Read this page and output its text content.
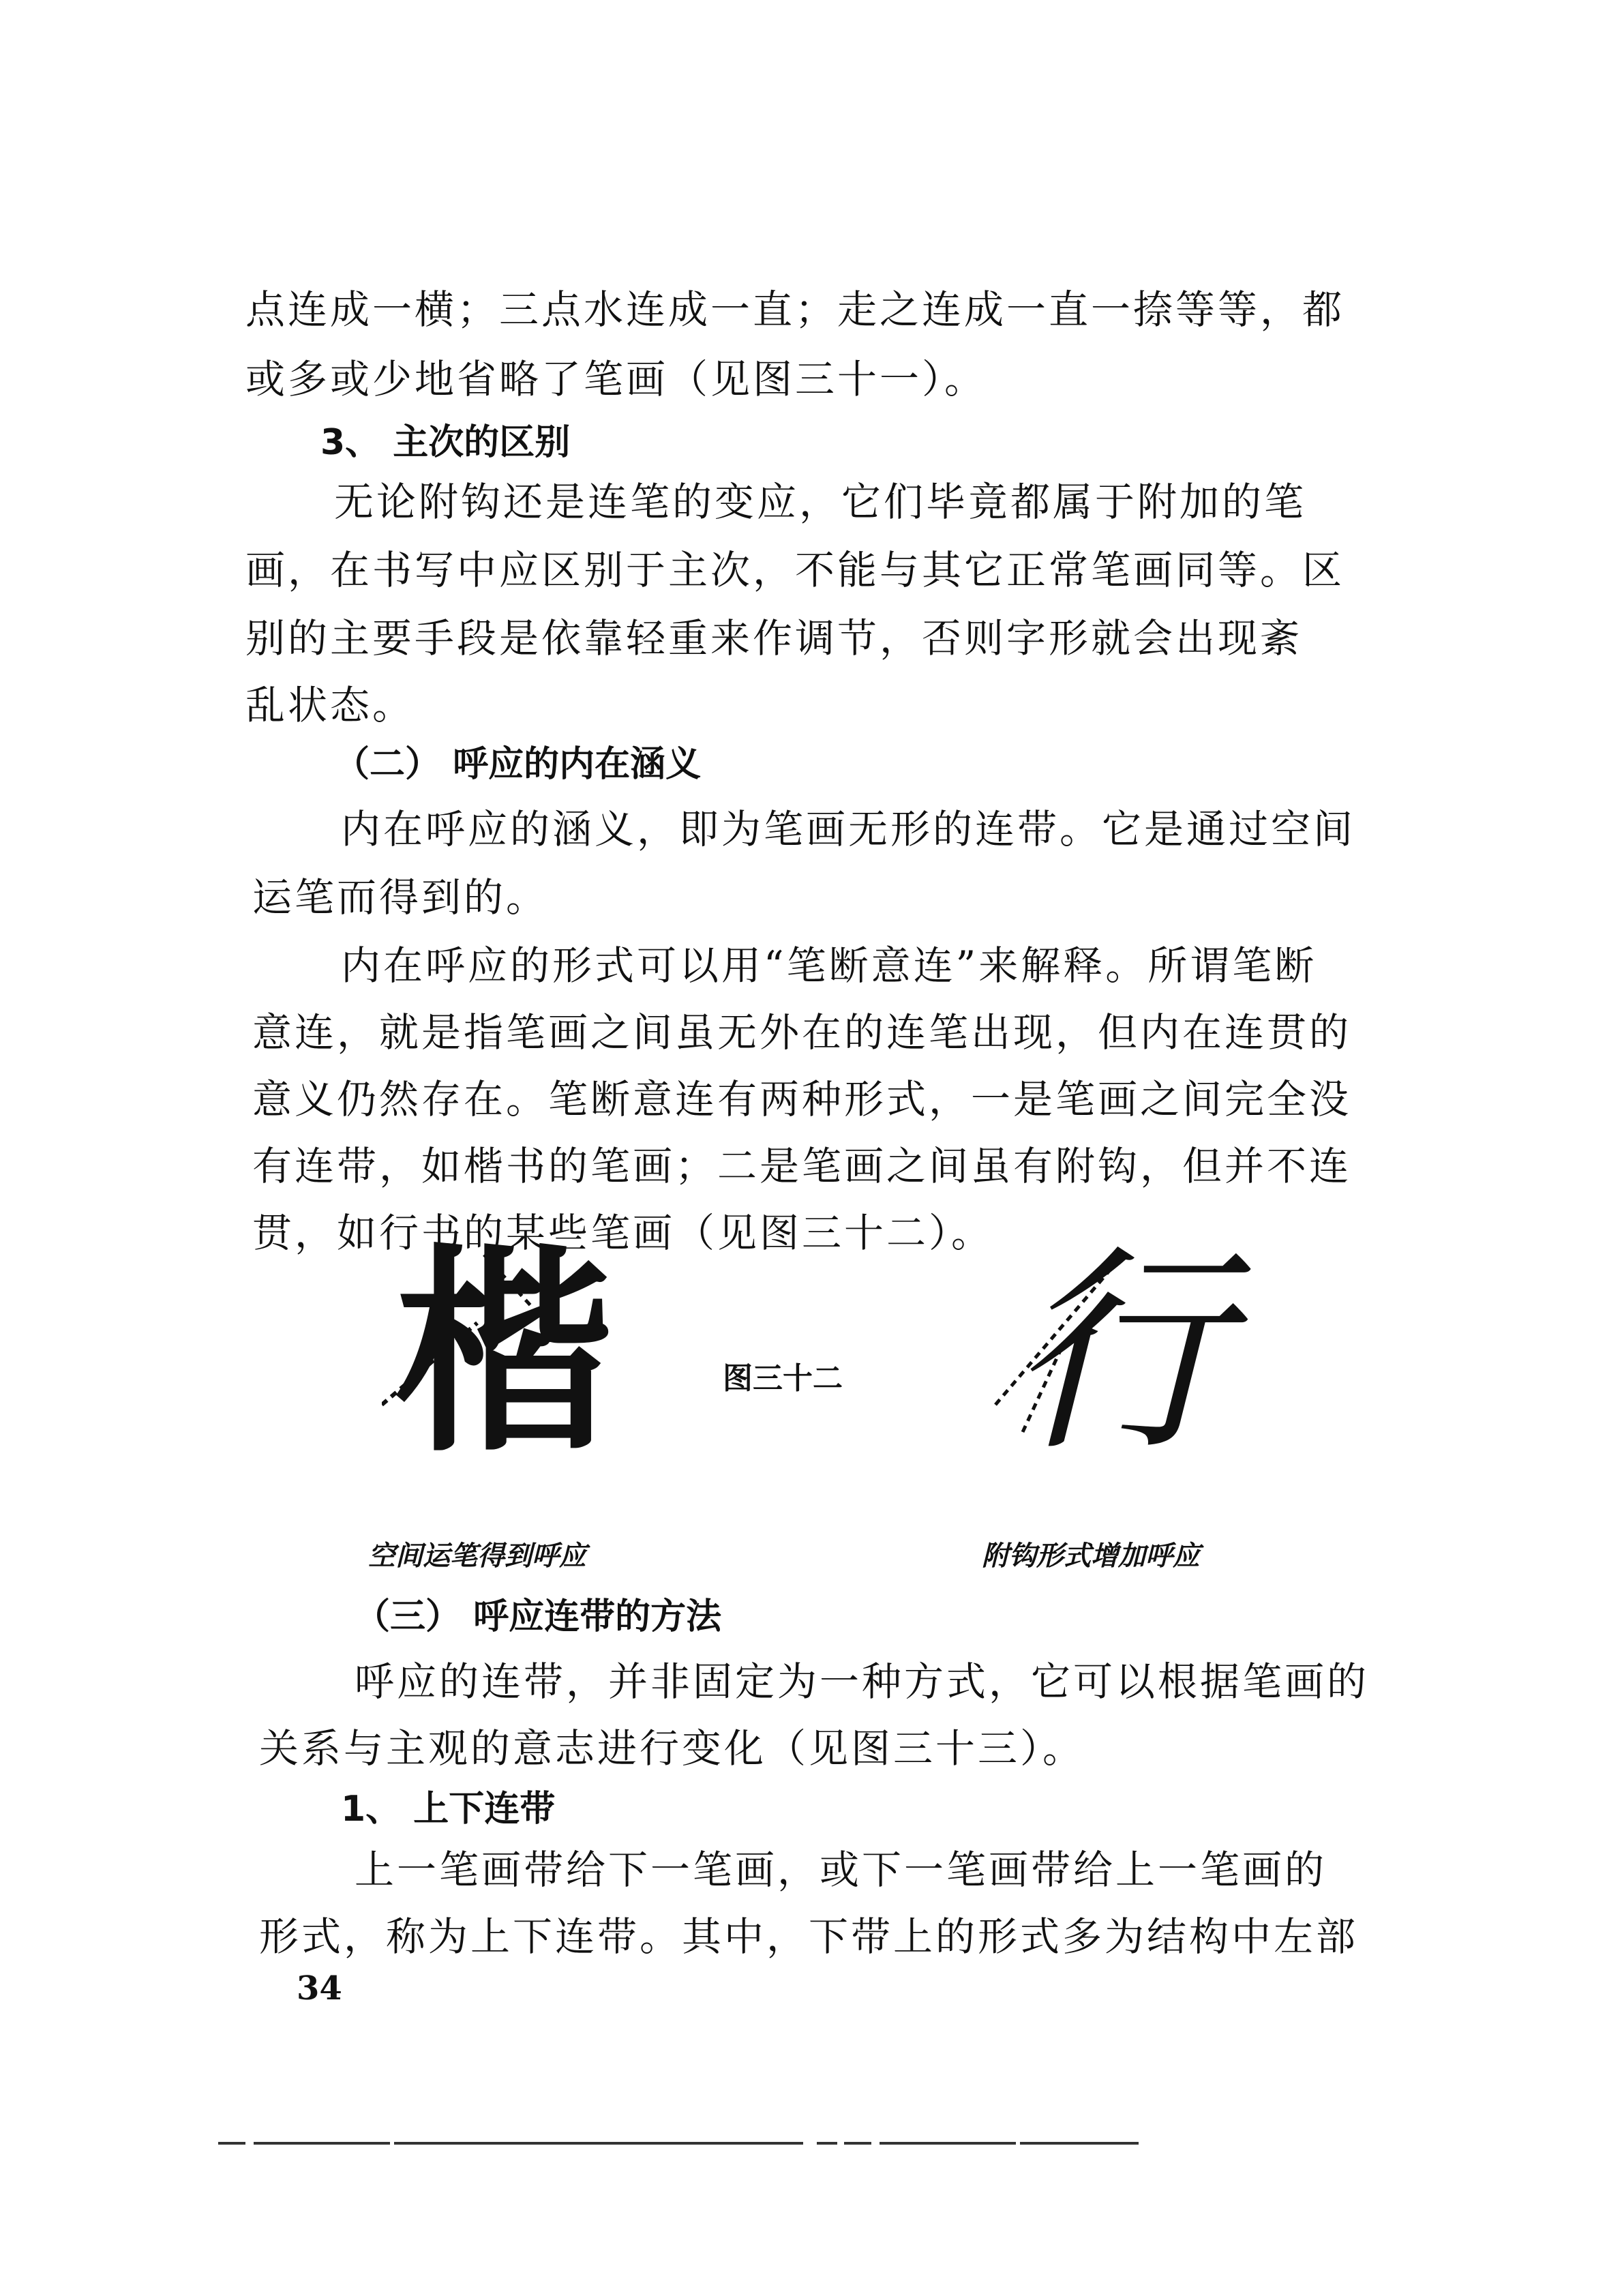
点连成一横；三点水连成一直；走之连成一直一捺等等，都
或多或少地省略了笔画（见图三十一）。
3、 主次的区别
无论附钩还是连笔的变应，它们毕竟都属于附加的笔
画，在书写中应区别于主次，不能与其它正常笔画同等。区
别的主要手段是依靠轻重来作调节，否则字形就会出现紊
乱状态。
（二） 呼应的内在涵义
内在呼应的涵义，即为笔画无形的连带。它是通过空间
运笔而得到的。
内在呼应的形式可以用“笔断意连”来解释。所谓笔断
意连，就是指笔画之间虽无外在的连笔出现，但内在连贯的
意义仍然存在。笔断意连有两种形式，一是笔画之间完全没
有连带，如楷书的笔画；二是笔画之间虽有附钩，但并不连
贯，如行书的某些笔画（见图三十二）。
楷	图三十二 行
空间运笔得到呼应	附钩形式增加呼应
（三） 呼应连带的方法
呼应的连带，并非固定为一种方式，它可以根据笔画的
关系与主观的意志进行变化（见图三十三）。
1、 上下连带
上一笔画带给下一笔画，或下一笔画带给上一笔画的
形式，称为上下连带。其中，下带上的形式多为结构中左部
34
